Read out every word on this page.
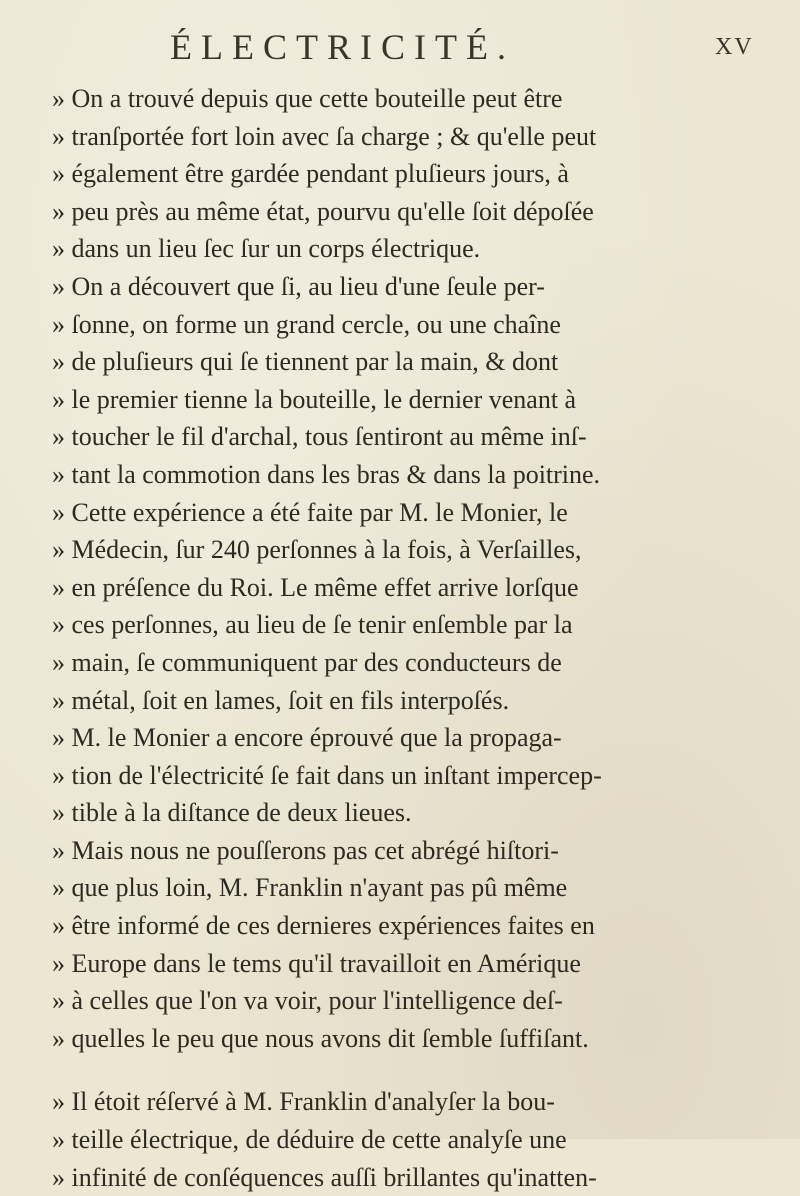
ÉLECTRICITÉ.	XV
» On a trouvé depuis que cette bouteille peut être
» tranſportée fort loin avec ſa charge ; & qu'elle peut
» également être gardée pendant pluſieurs jours, à
» peu près au même état, pourvu qu'elle ſoit dépoſée
» dans un lieu ſec ſur un corps électrique.
» On a découvert que ſi, au lieu d'une ſeule per-
» ſonne, on forme un grand cercle, ou une chaîne
» de pluſieurs qui ſe tiennent par la main, & dont
» le premier tienne la bouteille, le dernier venant à
» toucher le fil d'archal, tous ſentiront au même inſ-
» tant la commotion dans les bras & dans la poitrine.
» Cette expérience a été faite par M. le Monier, le
» Médecin, ſur 240 perſonnes à la fois, à Verſailles,
» en préſence du Roi. Le même effet arrive lorſque
» ces perſonnes, au lieu de ſe tenir enſemble par la
» main, ſe communiquent par des conducteurs de
» métal, ſoit en lames, ſoit en fils interpoſés.
» M. le Monier a encore éprouvé que la propaga-
» tion de l'électricité ſe fait dans un inſtant impercep-
» tible à la diſtance de deux lieues.
» Mais nous ne pouſſerons pas cet abrégé hiſtori-
» que plus loin, M. Franklin n'ayant pas pû même
» être informé de ces dernieres expériences faites en
» Europe dans le tems qu'il travailloit en Amérique
» à celles que l'on va voir, pour l'intelligence deſ-
» quelles le peu que nous avons dit ſemble ſuffiſant.
» Il étoit réſervé à M. Franklin d'analyſer la bou-
» teille électrique, de déduire de cette analyſe une
» infinité de conſéquences auſſi brillantes qu'inatten-
